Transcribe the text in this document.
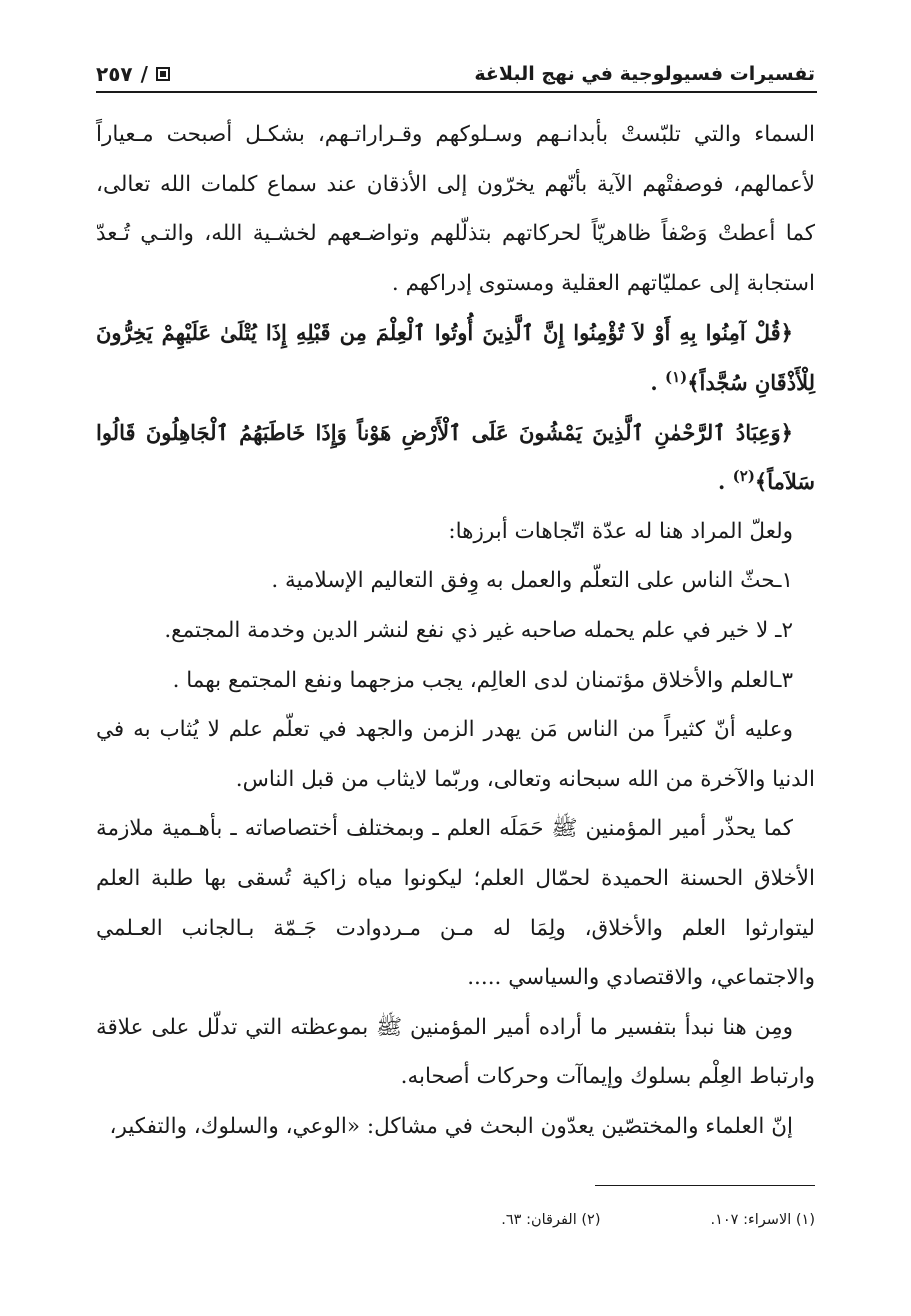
تفسيرات فسيولوجية في نهج البلاغة
٢٥٧ /

السماء والتي تلبّستْ بأبدانـهم وسـلوكهم وقـراراتـهم، بشكـل أصبحت مـعياراً لأعمالهم، فوصفتْهم الآية بأنّهم يخرّون إلى الأذقان عند سماع كلمات الله تعالى، كما أعطتْ وَصْفاً ظاهريّاً لحركاتهم بتذلّلهم وتواضـعهم لخشـية الله، والتـي تُـعدّ استجابة إلى عمليّاتهم العقلية ومستوى إدراكهم .

﴿قُلْ آمِنُوا بِهِ أَوْ لاَ تُؤْمِنُوا إِنَّ ٱلَّذِينَ أُوتُوا ٱلْعِلْمَ مِن قَبْلِهِ إِذَا يُتْلَىٰ عَلَيْهِمْ يَخِرُّونَ لِلْأَذْقَانِ سُجَّداً﴾$^{(١)}$ .

﴿وَعِبَادُ ٱلرَّحْمٰنِ ٱلَّذِينَ يَمْشُونَ عَلَى ٱلْأَرْضِ هَوْناً وَإِذَا خَاطَبَهُمُ ٱلْجَاهِلُونَ قَالُوا سَلاَماً﴾$^{(٢)}$ .

ولعلّ المراد هنا له عدّة اتّجاهات أبرزها:

١ـحثّ الناس على التعلّم والعمل به وِفق التعاليم الإسلامية .

٢ـ لا خير في علم يحمله صاحبه غير ذي نفع لنشر الدين وخدمة المجتمع.

٣ـالعلم والأخلاق مؤتمنان لدى العالِم، يجب مزجهما ونفع المجتمع بهما .

وعليه أنّ كثيراً من الناس مَن يهدر الزمن والجهد في تعلّم علم لا يُثاب به في الدنيا والآخرة من الله سبحانه وتعالى، وربّما لايثاب من قبل الناس.

كما يحذّر أمير المؤمنين ﷺ حَمَلَه العلم ـ وبمختلف أختصاصاته ـ بأهـمية ملازمة الأخلاق الحسنة الحميدة لحمّال العلم؛ ليكونوا مياه زاكية تُسقى بها طلبة العلم ليتوارثوا العلم والأخلاق، ولِمَا له مـن مـردوادت جَـمّة بـالجانب العـلمي والاجتماعي، والاقتصادي والسياسي .....

ومِن هنا نبدأ بتفسير ما أراده أمير المؤمنين ﷺ بموعظته التي تدلّل على علاقة وارتباط العِلْم بسلوك وإيماآت وحركات أصحابه.

إنّ العلماء والمختصّين يعدّون البحث في مشاكل: «الوعي، والسلوك، والتفكير،

(١) الاسراء: ١٠٧.
(٢) الفرقان: ٦٣.
